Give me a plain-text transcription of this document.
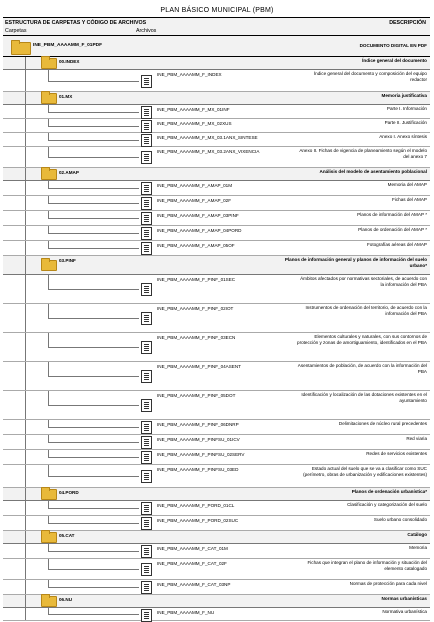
PLAN BÁSICO MUNICIPAL (PBM)
ESTRUCTURA DE CARPETAS Y CÓDIGO DE ARCHIVOS	DESCRIPCIÓN
Carpetas	Archivos
INE_PBM_AAAAMM_F_01PDF	DOCUMENTO DIGITAL EN PDF
00.INDEX	Índice general del documento
INE_PBM_AAAAMM_F_INDEX	Índice general del documento y composición del equipo redactor
01.MX	Memoria justificativa
INE_PBM_AAAAMM_F_MX_01INF	Parte I. Información
INE_PBM_AAAAMM_F_MX_02XUS	Parte II. Justificación
INE_PBM_AAAAMM_F_MX_03.1ANX_SINTESE	Anexo I. Anexo síntesis
INE_PBM_AAAAMM_F_MX_03.2ANX_VIXENCIA	Anexo II. Fichas de vigencia de planeamiento según el modelo del anexo 7
02.AMAP	Análisis del modelo de asentamiento poblacional
INE_PBM_AAAAMM_F_AMAP_01M	Memoria del AMAP
INE_PBM_AAAAMM_F_AMAP_02F	Fichas del AMAP
INE_PBM_AAAAMM_F_AMAP_03PINF	Planos de información del AMAP *
INE_PBM_AAAAMM_F_AMAP_04PORD	Planos de ordenación del AMAP *
INE_PBM_AAAAMM_F_AMAP_05OF	Fotografías aéreas del AMAP
03.PINF	Planos de información general y planos de información del suelo urbano*
INE_PBM_AAAAMM_F_PINF_01SEC	Ámbitos afectados por normativas sectoriales, de acuerdo con la información del PBA
INE_PBM_AAAAMM_F_PINF_02IOT	Instrumentos de ordenación del territorio, de acuerdo con la información del PBA
INE_PBM_AAAAMM_F_PINF_03ECN	Elementos culturales y naturales, con sus contornos de protección y zonas de amortiguamiento, identificados en el PBA
INE_PBM_AAAAMM_F_PINF_04ASENT	Asentamientos de población, de acuerdo con la información del PBA
INE_PBM_AAAAMM_F_PINF_05DOT	Identificación y localización de las dotaciones existentes en el ayuntamiento
INE_PBM_AAAAMM_F_PINF_06DNRP	Delimitaciones de núcleo rural precedentes
INE_PBM_AAAAMM_F_PINFSU_01ICV	Red viaria
INE_PBM_AAAAMM_F_PINFSU_02SERV	Redes de servicios existentes
INE_PBM_AAAAMM_F_PINFSU_03ED	Estado actual del suelo que se va a clasificar como SUC (perímetro, obras de urbanización y edificaciones existentes)
04.PORD	Planos de ordenación urbanística*
INE_PBM_AAAAMM_F_PORD_01CL	Clasificación y categorización del suelo
INE_PBM_AAAAMM_F_PORD_02SUC	Suelo urbano consolidado
05.CAT	Catálogo
INE_PBM_AAAAMM_F_CAT_01M	Memoria
INE_PBM_AAAAMM_F_CAT_02F	Fichas que integran el plano de información y situación del elemento catalogado
INE_PBM_AAAAMM_F_CAT_03NP	Normas de protección para cada nivel
06.NU	Normas urbanísticas
INE_PBM_AAAAMM_F_NU	Normativa urbanística
